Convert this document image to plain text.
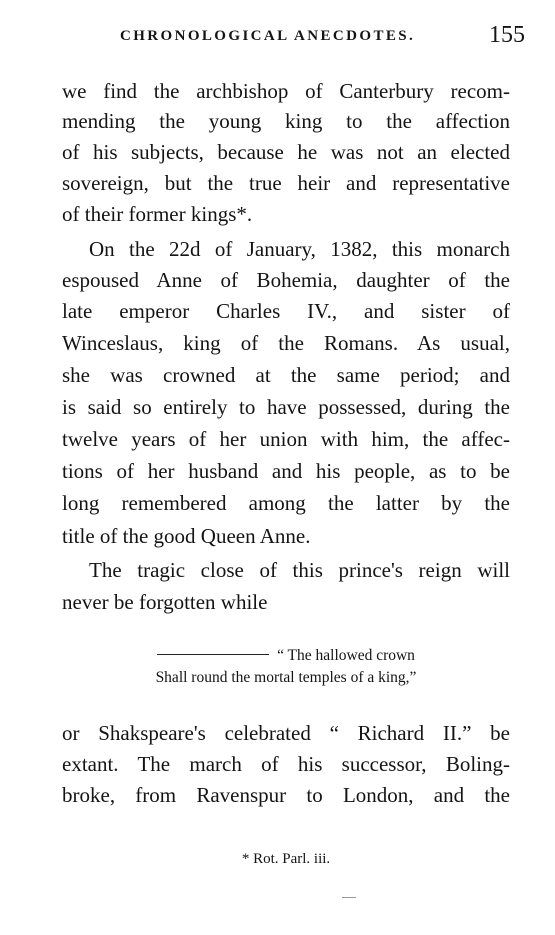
CHRONOLOGICAL ANECDOTES.	155
we find the archbishop of Canterbury recom-
mending the young king to the affection
of his subjects, because he was not an elected
sovereign, but the true heir and representative
of their former kings*.
On the 22d of January, 1382, this monarch
espoused Anne of Bohemia, daughter of the
late emperor Charles IV., and sister of
Winceslaus, king of the Romans. As usual,
she was crowned at the same period; and
is said so entirely to have possessed, during the
twelve years of her union with him, the affec-
tions of her husband and his people, as to be
long remembered among the latter by the
title of the good Queen Anne.
The tragic close of this prince's reign will
never be forgotten while
“ The hallowed crown
Shall round the mortal temples of a king,”
or Shakspeare's celebrated “ Richard II.” be
extant. The march of his successor, Boling-
broke, from Ravenspur to London, and the
* Rot. Parl. iii.
